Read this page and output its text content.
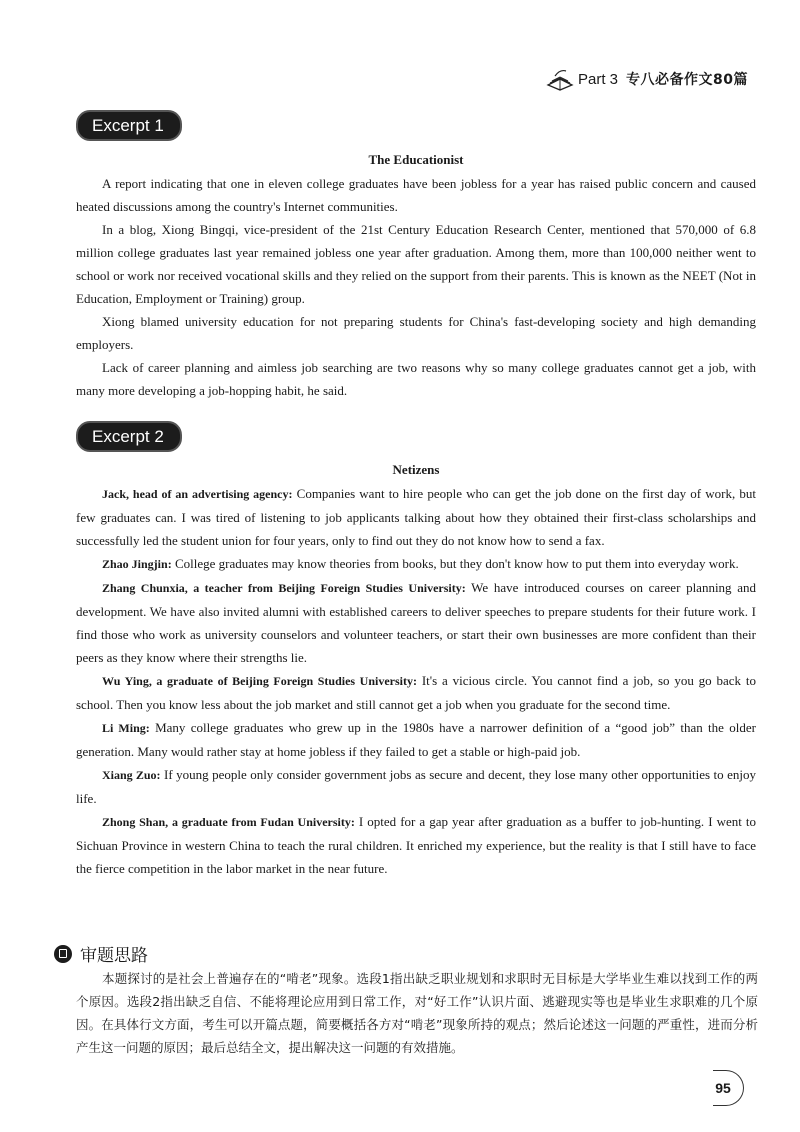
Part 3 专八必备作文80篇
Excerpt 1
The Educationist

A report indicating that one in eleven college graduates have been jobless for a year has raised public concern and caused heated discussions among the country's Internet communities.

In a blog, Xiong Bingqi, vice-president of the 21st Century Education Research Center, mentioned that 570,000 of 6.8 million college graduates last year remained jobless one year after graduation. Among them, more than 100,000 neither went to school or work nor received vocational skills and they relied on the support from their parents. This is known as the NEET (Not in Education, Employment or Training) group.

Xiong blamed university education for not preparing students for China's fast-developing society and high demanding employers.

Lack of career planning and aimless job searching are two reasons why so many college graduates cannot get a job, with many more developing a job-hopping habit, he said.

Excerpt 2
Netizens

Jack, head of an advertising agency: Companies want to hire people who can get the job done on the first day of work, but few graduates can. I was tired of listening to job applicants talking about how they obtained their first-class scholarships and successfully led the student union for four years, only to find out they do not know how to send a fax.

Zhao Jingjin: College graduates may know theories from books, but they don't know how to put them into everyday work.

Zhang Chunxia, a teacher from Beijing Foreign Studies University: We have introduced courses on career planning and development. We have also invited alumni with established careers to deliver speeches to prepare students for their future work. I find those who work as university counselors and volunteer teachers, or start their own businesses are more confident than their peers as they know where their strengths lie.

Wu Ying, a graduate of Beijing Foreign Studies University: It's a vicious circle. You cannot find a job, so you go back to school. Then you know less about the job market and still cannot get a job when you graduate for the second time.

Li Ming: Many college graduates who grew up in the 1980s have a narrower definition of a “good job” than the older generation. Many would rather stay at home jobless if they failed to get a stable or high-paid job.

Xiang Zuo: If young people only consider government jobs as secure and decent, they lose many other opportunities to enjoy life.

Zhong Shan, a graduate from Fudan University: I opted for a gap year after graduation as a buffer to job-hunting. I went to Sichuan Province in western China to teach the rural children. It enriched my experience, but the reality is that I still have to face the fierce competition in the labor market in the near future.

审题思路
本题探讨的是社会上普遍存在的“啃老”现象。选段1指出缺乏职业规划和求职时无目标是大学毕业生难以找到工作的两个原因。选段2指出缺乏自信、不能将理论应用到日常工作，对“好工作”认识片面、逃避现实等也是毕业生求职难的几个原因。在具体行文方面，考生可以开篇点题，简要概括各方对“啃老”现象所持的观点；然后论述这一问题的严重性，进而分析产生这一问题的原因；最后总结全文，提出解决这一问题的有效措施。
95
